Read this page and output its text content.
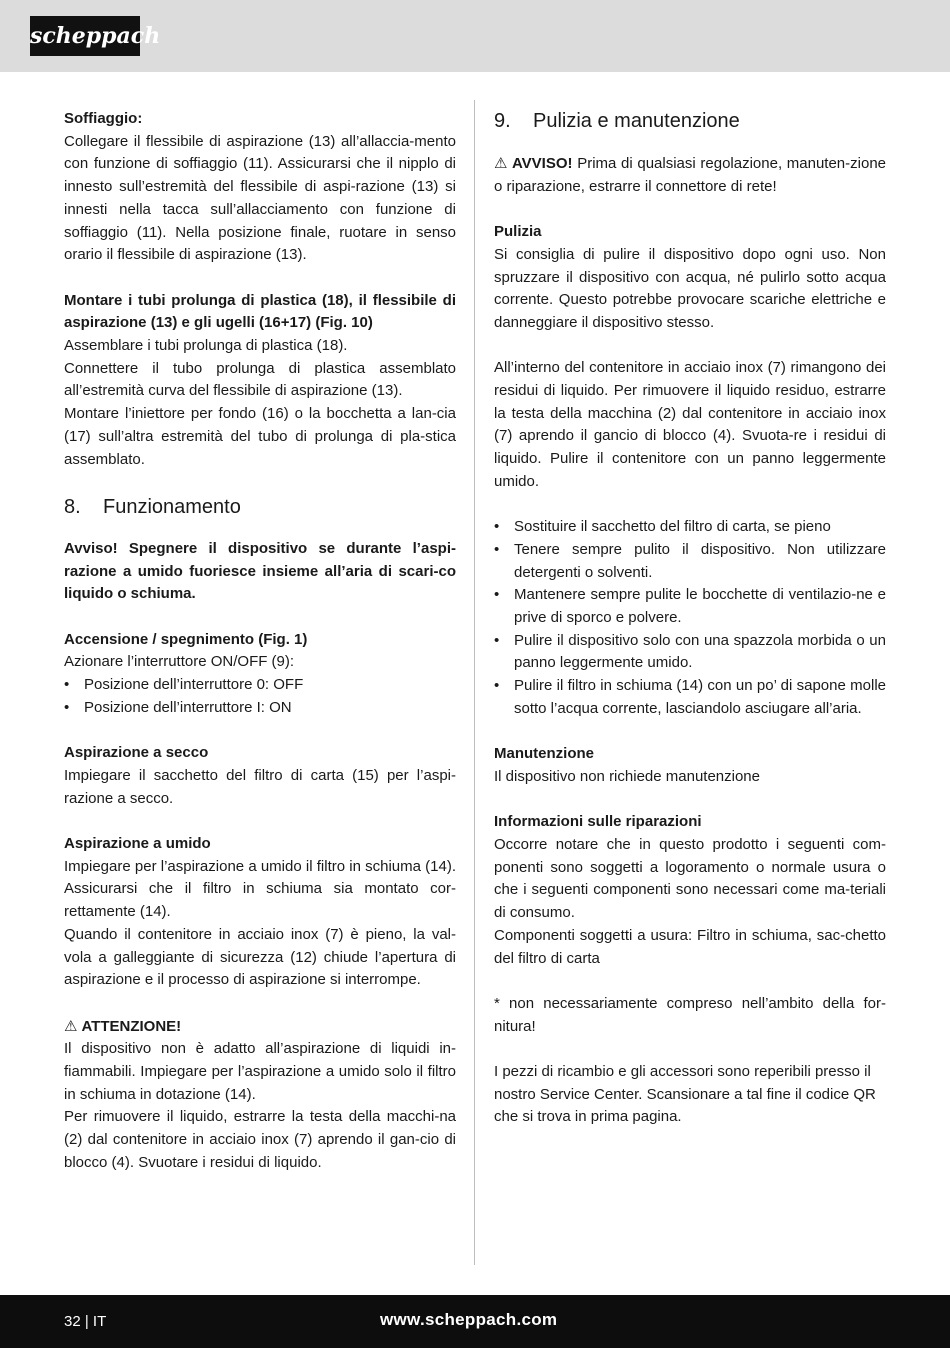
scheppach
Soffiaggio:
Collegare il flessibile di aspirazione (13) all’allaccia-mento con funzione di soffiaggio (11). Assicurarsi che il nipplo di innesto sull’estremità del flessibile di aspi-razione (13) si innesti nella tacca sull’allacciamento con funzione di soffiaggio (11). Nella posizione finale, ruotare in senso orario il flessibile di aspirazione (13).
Montare i tubi prolunga di plastica (18), il flessibile di aspirazione (13) e gli ugelli (16+17) (Fig. 10)
Assemblare i tubi prolunga di plastica (18).
Connettere il tubo prolunga di plastica assemblato all’estremità curva del flessibile di aspirazione (13).
Montare l’iniettore per fondo (16) o la bocchetta a lan-cia (17) sull’altra estremità del tubo di prolunga di pla-stica assemblato.
8.	Funzionamento
Avviso! Spegnere il dispositivo se durante l’aspi-razione a umido fuoriesce insieme all’aria di scari-co liquido o schiuma.
Accensione / spegnimento (Fig. 1)
Azionare l’interruttore ON/OFF (9):
• Posizione dell’interruttore 0: OFF
• Posizione dell’interruttore I: ON
Aspirazione a secco
Impiegare il sacchetto del filtro di carta (15) per l’aspi-razione a secco.
Aspirazione a umido
Impiegare per l’aspirazione a umido il filtro in schiuma (14). Assicurarsi che il filtro in schiuma sia montato cor-rettamente (14).
Quando il contenitore in acciaio inox (7) è pieno, la val-vola a galleggiante di sicurezza (12) chiude l’apertura di aspirazione e il processo di aspirazione si interrompe.
⚠ ATTENZIONE!
Il dispositivo non è adatto all’aspirazione di liquidi in-fiammabili. Impiegare per l’aspirazione a umido solo il filtro in schiuma in dotazione (14).
Per rimuovere il liquido, estrarre la testa della macchi-na (2) dal contenitore in acciaio inox (7) aprendo il gan-cio di blocco (4). Svuotare i residui di liquido.
9.	Pulizia e manutenzione
⚠ AVVISO! Prima di qualsiasi regolazione, manuten-zione o riparazione, estrarre il connettore di rete!
Pulizia
Si consiglia di pulire il dispositivo dopo ogni uso. Non spruzzare il dispositivo con acqua, né pulirlo sotto acqua corrente. Questo potrebbe provocare scariche elettriche e danneggiare il dispositivo stesso.
All’interno del contenitore in acciaio inox (7) rimangono dei residui di liquido. Per rimuovere il liquido residuo, estrarre la testa della macchina (2) dal contenitore in acciaio inox (7) aprendo il gancio di blocco (4). Svuota-re i residui di liquido. Pulire il contenitore con un panno leggermente umido.
• Sostituire il sacchetto del filtro di carta, se pieno
• Tenere sempre pulito il dispositivo. Non utilizzare detergenti o solventi.
• Mantenere sempre pulite le bocchette di ventilazio-ne e prive di sporco e polvere.
• Pulire il dispositivo solo con una spazzola morbida o un panno leggermente umido.
• Pulire il filtro in schiuma (14) con un po’ di sapone molle sotto l’acqua corrente, lasciandolo asciugare all’aria.
Manutenzione
Il dispositivo non richiede manutenzione
Informazioni sulle riparazioni
Occorre notare che in questo prodotto i seguenti com-ponenti sono soggetti a logoramento o normale usura o che i seguenti componenti sono necessari come ma-teriali di consumo.
Componenti soggetti a usura: Filtro in schiuma, sac-chetto del filtro di carta
* non necessariamente compreso nell’ambito della for-nitura!
I pezzi di ricambio e gli accessori sono reperibili presso il nostro Service Center. Scansionare a tal fine il codice QR che si trova in prima pagina.
32 | IT	www.scheppach.com
